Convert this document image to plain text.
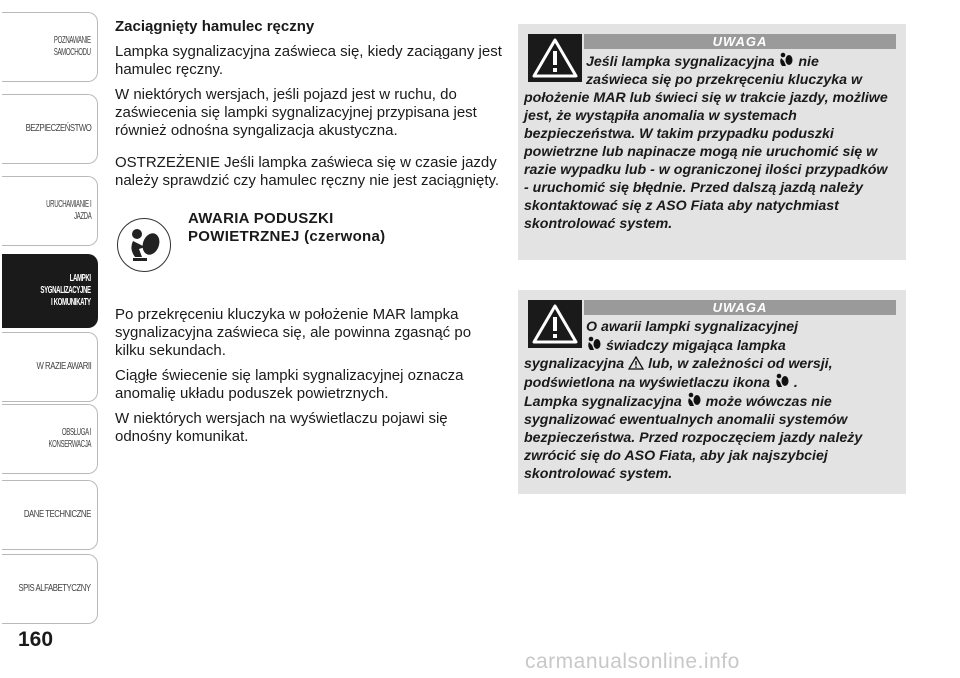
POZNAWANIE
SAMOCHODU
BEZPIECZEŃSTWO
URUCHAMIANIE I
JAZDA
LAMPKI
SYGNALIZACYJNE
I KOMUNIKATY
W RAZIE AWARII
OBSŁUGA I
KONSERWACJA
DANE TECHNICZNE
SPIS ALFABETYCZNY
160
Zaciągnięty hamulec ręczny

Lampka sygnalizacyjna zaświeca się, kiedy zaciągany jest hamulec ręczny.

W niektórych wersjach, jeśli pojazd jest w ruchu, do zaświecenia się lampki sygnalizacyjnej przypisana jest również odnośna syngalizacja akustyczna.

OSTRZEŻENIE Jeśli lampka zaświeca się w czasie jazdy należy sprawdzić czy hamulec ręczny nie jest zaciągnięty.

AWARIA PODUSZKI
POWIETRZNEJ (czerwona)

Po przekręceniu kluczyka w położenie MAR lampka sygnalizacyjna zaświeca się, ale powinna zgasnąć po kilku sekundach.

Ciągłe świecenie się lampki sygnalizacyjnej oznacza anomalię układu poduszek powietrznych.

W niektórych wersjach na wyświetlaczu pojawi się odnośny komunikat.

UWAGA
Jeśli lampka sygnalizacyjna nie
zaświeca się po przekręceniu kluczyka w
położenie MAR lub świeci się w trakcie jazdy, możliwe jest, że wystąpiła anomalia w systemach bezpieczeństwa. W takim przypadku poduszki powietrzne lub napinacze mogą nie uruchomić się w razie wypadku lub - w ograniczonej ilości przypadków - uruchomić się błędnie. Przed dalszą jazdą należy skontaktować się z ASO Fiata aby natychmiast skontrolować system.
UWAGA
O awarii lampki sygnalizacyjnej
świadczy migająca lampka
sygnalizacyjna lub, w zależności od wersji,
podświetlona na wyświetlaczu ikona .
Lampka sygnalizacyjna może wówczas nie sygnalizować ewentualnych anomalii systemów bezpieczeństwa. Przed rozpoczęciem jazdy należy zwrócić się do ASO Fiata, aby jak najszybciej skontrolować system.
carmanualsonline.info
